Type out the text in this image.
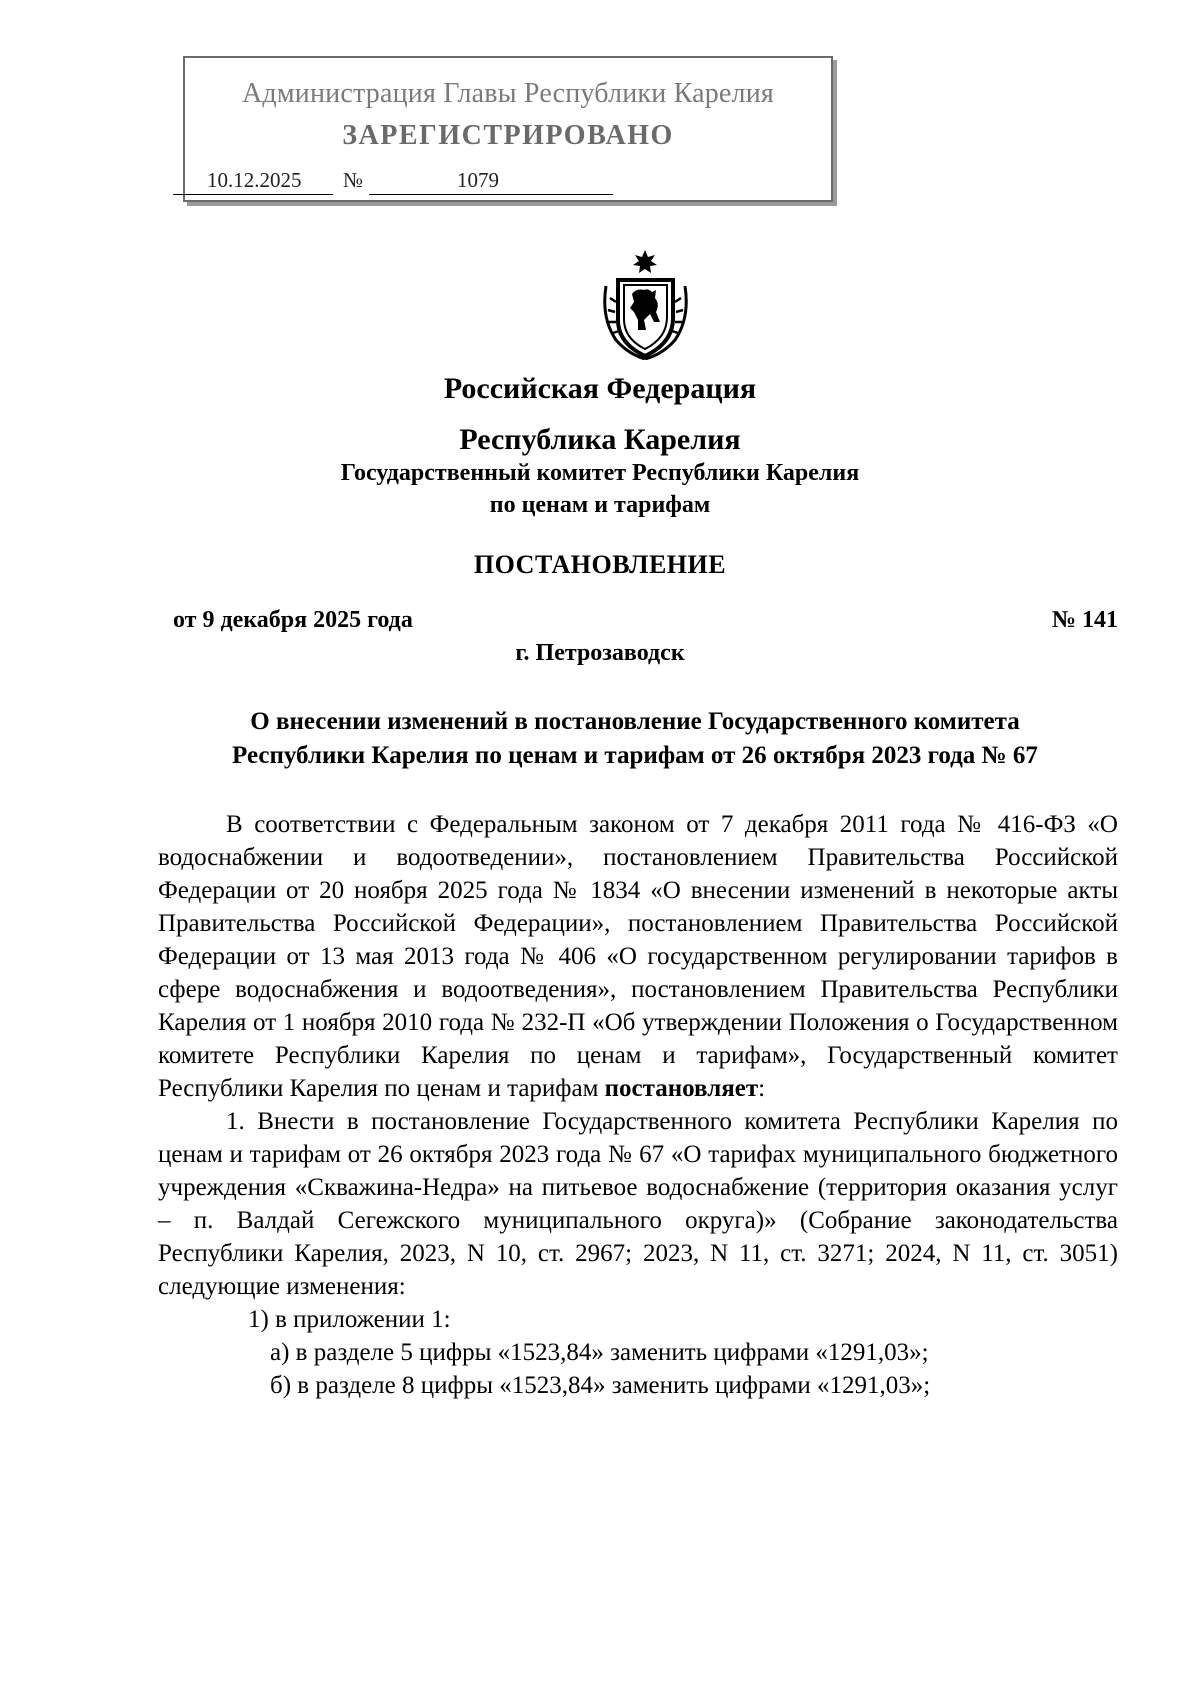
Администрация Главы Республики Карелия
ЗАРЕГИСТРИРОВАНО
10.12.2025 №	1079
Российская Федерация
Республика Карелия
Государственный комитет Республики Карелия
по ценам и тарифам
ПОСТАНОВЛЕНИЕ
от 9 декабря 2025 года	№ 141
г. Петрозаводск
О внесении изменений в постановление Государственного комитета
Республики Карелия по ценам и тарифам от 26 октября 2023 года № 67

В соответствии с Федеральным законом от 7 декабря 2011 года № 416-ФЗ «О водоснабжении и водоотведении», постановлением Правительства Российской Федерации от 20 ноября 2025 года № 1834 «О внесении изменений в некоторые акты Правительства Российской Федерации», постановлением Правительства Российской Федерации от 13 мая 2013 года № 406 «О государственном регулировании тарифов в сфере водоснабжения и водоотведения», постановлением Правительства Республики Карелия от 1 ноября 2010 года № 232-П «Об утверждении Положения о Государственном комитете Республики Карелия по ценам и тарифам», Государственный комитет Республики Карелия по ценам и тарифам постановляет:

1. Внести в постановление Государственного комитета Республики Карелия по ценам и тарифам от 26 октября 2023 года № 67 «О тарифах муниципального бюджетного учреждения «Скважина-Недра» на питьевое водоснабжение (территория оказания услуг – п. Валдай Сегежского муниципального округа)» (Собрание законодательства Республики Карелия, 2023, N 10, ст. 2967; 2023, N 11, ст. 3271; 2024, N 11, ст. 3051) следующие изменения:

1) в приложении 1:

а) в разделе 5 цифры «1523,84» заменить цифрами «1291,03»;

б) в разделе 8 цифры «1523,84» заменить цифрами «1291,03»;
